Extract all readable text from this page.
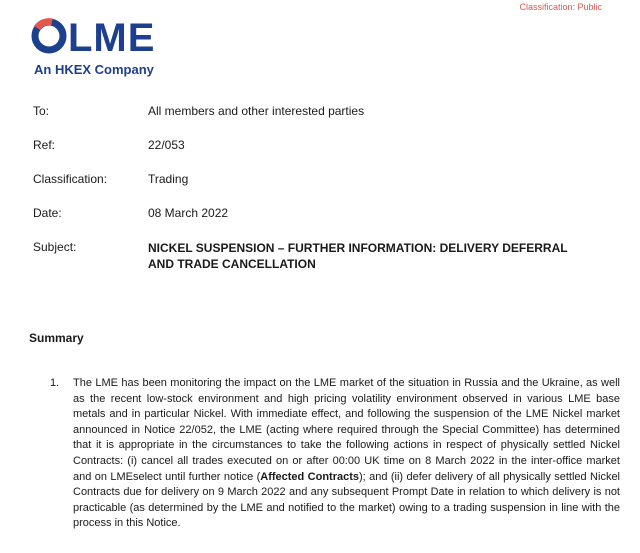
Classification: Public
LME
An HKEX Company
To:	All members and other interested parties
Ref:	22/053
Classification:	Trading
Date:	08 March 2022
Subject:	NICKEL SUSPENSION – FURTHER INFORMATION: DELIVERY DEFERRAL AND TRADE CANCELLATION
Summary
1. The LME has been monitoring the impact on the LME market of the situation in Russia and the Ukraine, as well as the recent low-stock environment and high pricing volatility environment observed in various LME base metals and in particular Nickel. With immediate effect, and following the suspension of the LME Nickel market announced in Notice 22/052, the LME (acting where required through the Special Committee) has determined that it is appropriate in the circumstances to take the following actions in respect of physically settled Nickel Contracts: (i) cancel all trades executed on or after 00:00 UK time on 8 March 2022 in the inter-office market and on LMEselect until further notice (Affected Contracts); and (ii) defer delivery of all physically settled Nickel Contracts due for delivery on 9 March 2022 and any subsequent Prompt Date in relation to which delivery is not practicable (as determined by the LME and notified to the market) owing to a trading suspension in line with the process in this Notice.
